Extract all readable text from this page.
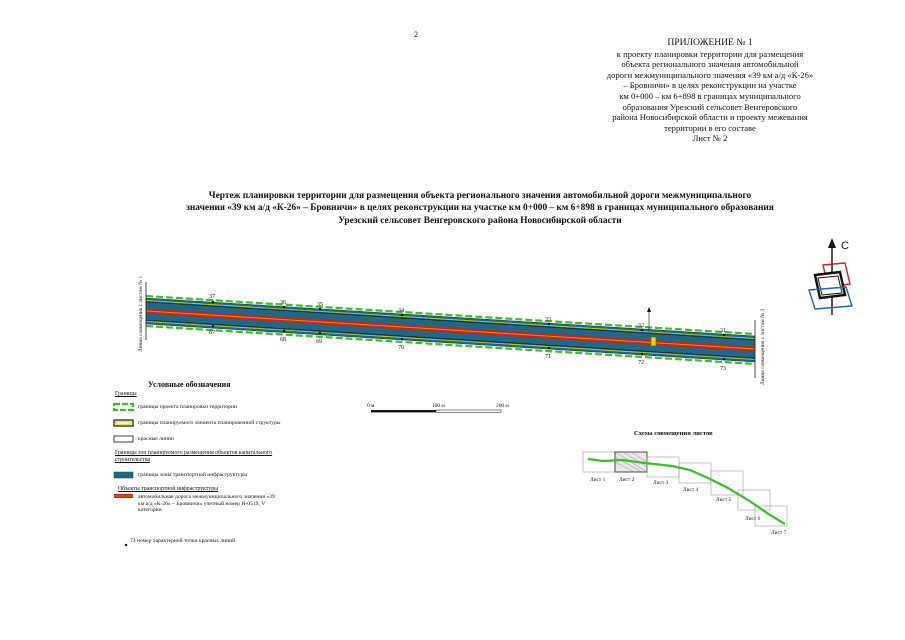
2
ПРИЛОЖЕНИЕ № 1
к проекту планировки территории для размещения
объекта регионального значения автомобильной
дороги межмуниципального значения «39 км а/д «К-26»
– Бровничи» в целях реконструкции на участке
км 0+000 – км 6+898 в границах муниципального
образования Урезский сельсовет Венгеровского
района Новосибирской области и проекту межевания
территории в его составе
Лист № 2
Чертеж планировки территории для размещения объекта регионального значения автомобильной дороги межмуниципального
значения «39 км а/д «К-26» – Бровничи» в целях реконструкции на участке км 0+000 – км 6+898 в границах муниципального образования
Урезский сельсовет Венгеровского района Новосибирской области
Линия совмещения с листом № 1	Линия совмещения с листом № 3
37
36	35
34
33
32
31
67
68	69
70
71
72
73
С
0 м	100 м	200 м
Лист 1	Лист 2	Лист 3
Лист 4
Лист 5
Лист 6
Лист 7
Условные обозначения
Границы
границы проекта планировки территории
границы планируемого элемента планировочной структуры
красные линии
Границы зон планируемого размещения объектов капитального строительства
границы зоны транспортной инфраструктуры
Объекты транспортной инфраструктуры
автомобильная дорога межмуниципального значения «39 км а/д «К-26» – Бровничи» учетный номер Н-0519, V категории
73 номер характерной точки красных линий
Схема совмещения листов
